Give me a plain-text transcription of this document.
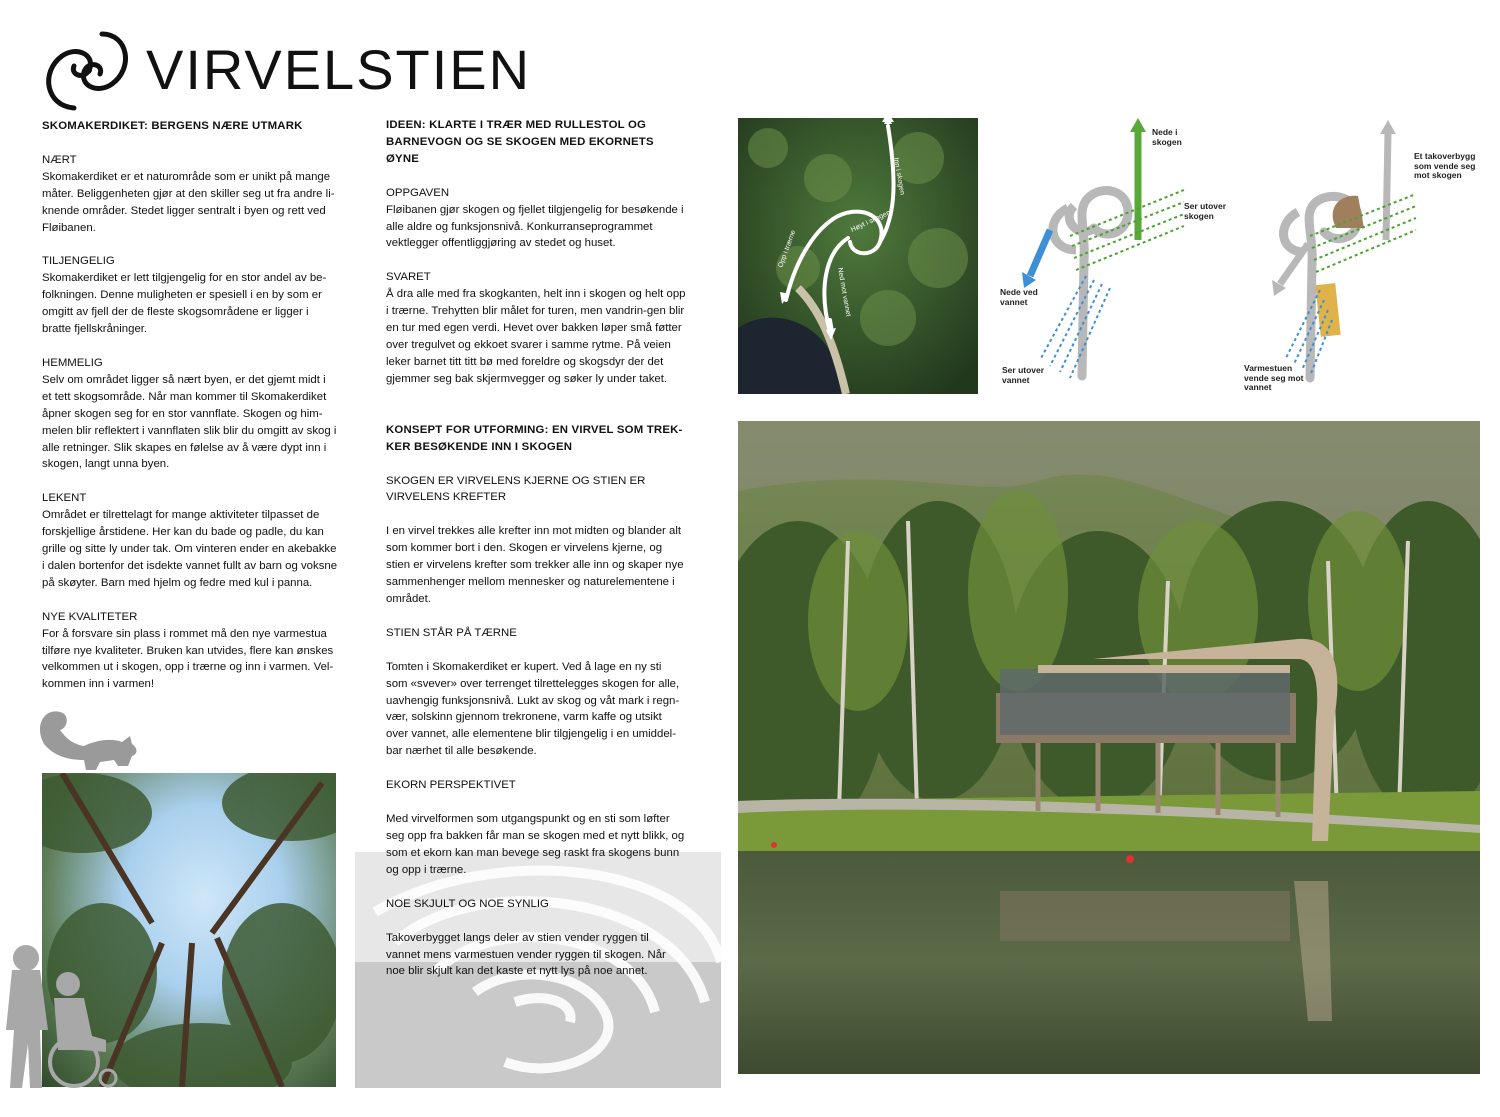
VIRVELSTIEN
SKOMAKERDIKET: BERGENS NÆRE UTMARK
NÆRT

Skomakerdiket er et naturområde som er unikt på mange måter. Beliggenheten gjør at den skiller seg ut fra andre li-knende områder. Stedet ligger sentralt i byen og rett ved Fløibanen.

TILJENGELIG

Skomakerdiket er lett tilgjengelig for en stor andel av be-folkningen. Denne muligheten er spesiell i en by som er omgitt av fjell der de fleste skogsområdene er ligger i bratte fjellskråninger.

HEMMELIG

Selv om området ligger så nært byen, er det gjemt midt i et tett skogsområde. Når man kommer til Skomakerdiket åpner skogen seg for en stor vannflate. Skogen og him-melen blir reflektert i vannflaten slik blir du omgitt av skog i alle retninger. Slik skapes en følelse av å være dypt inn i skogen, langt unna byen.

LEKENT

Området er tilrettelagt for mange aktiviteter tilpasset de forskjellige årstidene. Her kan du bade og padle, du kan grille og sitte ly under tak. Om vinteren ender en akebakke i dalen bortenfor det isdekte vannet fullt av barn og voksne på skøyter. Barn med hjelm og fedre med kul i panna.

NYE KVALITETER

For å forsvare sin plass i rommet må den nye varmestua tilføre nye kvaliteter. Bruken kan utvides, flere kan ønskes velkommen ut i skogen, opp i trærne og inn i varmen. Vel-kommen inn i varmen!

IDEEN: KLARTE I TRÆR MED RULLESTOL OG BARNEVOGN OG SE SKOGEN MED EKORNETS ØYNE
OPPGAVEN

Fløibanen gjør skogen og fjellet tilgjengelig for besøkende i alle aldre og funksjonsnivå. Konkurranseprogrammet vektlegger offentliggjøring av stedet og huset.

SVARET

Å dra alle med fra skogkanten, helt inn i skogen og helt opp i trærne. Trehytten blir målet for turen, men vandrin-gen blir en tur med egen verdi. Hevet over bakken løper små føtter over tregulvet og ekkoet svarer i samme rytme. På veien leker barnet titt titt bø med foreldre og skogsdyr der det gjemmer seg bak skjermvegger og søker ly under taket.

KONSEPT FOR UTFORMING: EN VIRVEL SOM TREK-KER BESØKENDE INN I SKOGEN
SKOGEN ER VIRVELENS KJERNE OG STIEN ER VIRVELENS KREFTER

I en virvel trekkes alle krefter inn mot midten og blander alt som kommer bort i den. Skogen er virvelens kjerne, og stien er virvelens krefter som trekker alle inn og skaper nye sammenhenger mellom mennesker og naturelementene i området.

STIEN STÅR PÅ TÆRNE

Tomten i Skomakerdiket er kupert. Ved å lage en ny sti som «svever» over terrenget tilrettelegges skogen for alle, uavhengig funksjonsnivå. Lukt av skog og våt mark i regn-vær, solskinn gjennom trekronene, varm kaffe og utsikt over vannet, alle elementene blir tilgjengelig i en umiddel-bar nærhet til alle besøkende.

EKORN PERSPEKTIVET

Med virvelformen som utgangspunkt og en sti som løfter seg opp fra bakken får man se skogen med et nytt blikk, og som et ekorn kan man bevege seg raskt fra skogens bunn og opp i trærne.

NOE SKJULT OG NOE SYNLIG

Takoverbygget langs deler av stien vender ryggen til vannet mens varmestuen vender ryggen til skogen. Når noe blir skjult kan det kaste et nytt lys på noe annet.

Inn i skogen
Ned mot vannet
Høyt i skogen
Opp i trærne
Nede i skogen
Ser utover skogen
Nede ved vannet
Ser utover vannet
Et takoverbygg som vende seg mot skogen
Varmestuen vende seg mot vannet
